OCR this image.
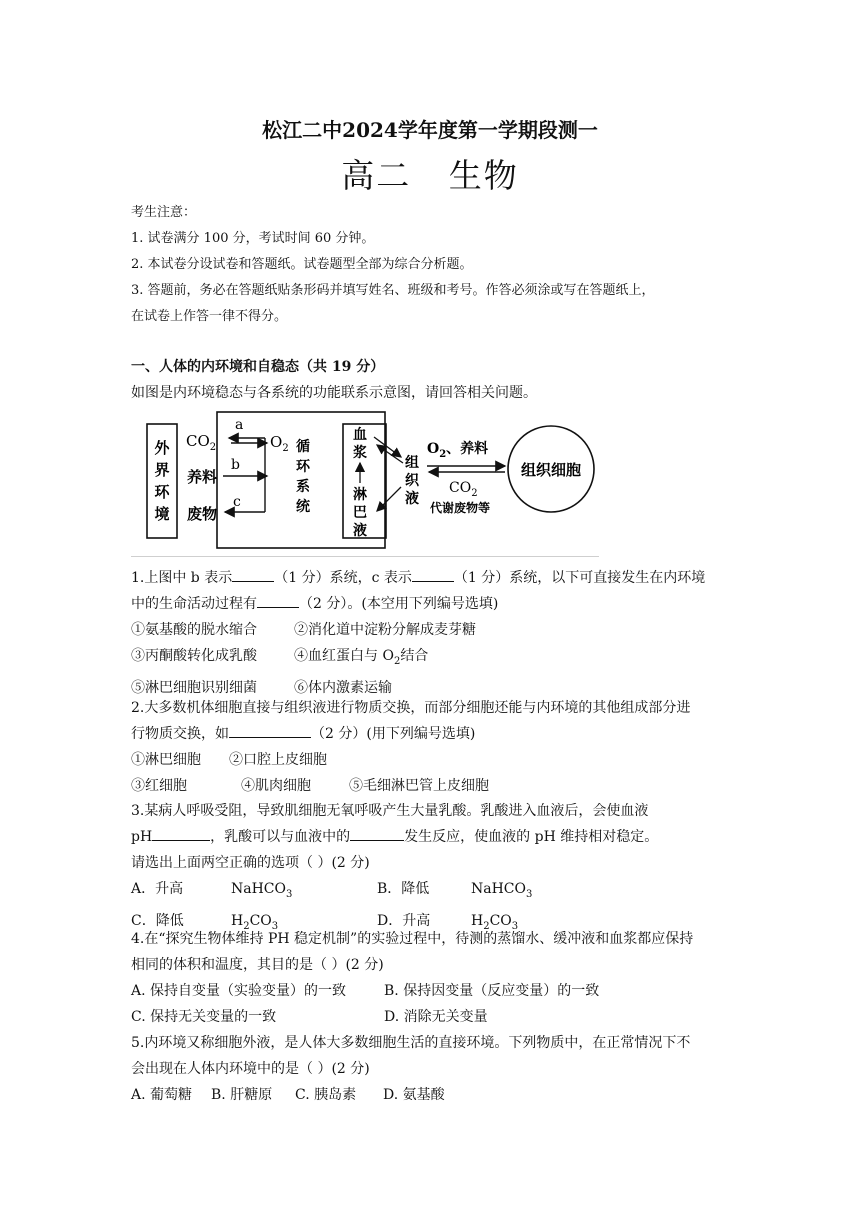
松江二中2024学年度第一学期段测一
高二   生物
考生注意：
1. 试卷满分 100 分，考试时间 60 分钟。
2. 本试卷分设试卷和答题纸。试卷题型全部为综合分析题。
3. 答题前，务必在答题纸贴条形码并填写姓名、班级和考号。作答必须涂或写在答题纸上，
在试卷上作答一律不得分。
一、人体的内环境和自稳态（共 19 分）
如图是内环境稳态与各系统的功能联系示意图，请回答相关问题。
外
界
环
境
$CO_2$
a
$O_2$
养料
b
废物
c
循
环
系
统
血
浆
淋
巴
液
组
织
液
$O_2$、养料
$CO_2$
代谢废物等
组织细胞
1.上图中 b 表示	（1 分）系统，c 表示	（1 分）系统，以下可直接发生在内环境
中的生命活动过程有	（2 分）。(本空用下列编号选填)
①氨基酸的脱水缩合	②消化道中淀粉分解成麦芽糖
③丙酮酸转化成乳酸	④血红蛋白与 $O_2$结合
⑤淋巴细胞识别细菌	⑥体内激素运输
2.大多数机体细胞直接与组织液进行物质交换，而部分细胞还能与内环境的其他组成部分进
行物质交换，如	（2 分）(用下列编号选填)
①淋巴细胞 ②口腔上皮细胞
③红细胞	④肌肉细胞	⑤毛细淋巴管上皮细胞
3.某病人呼吸受阻，导致肌细胞无氧呼吸产生大量乳酸。乳酸进入血液后，会使血液
pH	，乳酸可以与血液中的	发生反应，使血液的 pH 维持相对稳定。
请选出上面两空正确的选项（ ）(2 分)
A．升高	NaHCO$_3$	B．降低	NaHCO$_3$
C．降低	$H_2CO_3$	D．升高	$H_2CO_3$
4.在“探究生物体维持 PH 稳定机制”的实验过程中，待测的蒸馏水、缓冲液和血浆都应保持
相同的体积和温度，其目的是（ ）(2 分)
A. 保持自变量（实验变量）的一致	B. 保持因变量（反应变量）的一致
C. 保持无关变量的一致	D. 消除无关变量
5.内环境又称细胞外液，是人体大多数细胞生活的直接环境。下列物质中，在正常情况下不
会出现在人体内环境中的是（ ）(2 分)
A. 葡萄糖 B. 肝糖原 C. 胰岛素 D. 氨基酸
